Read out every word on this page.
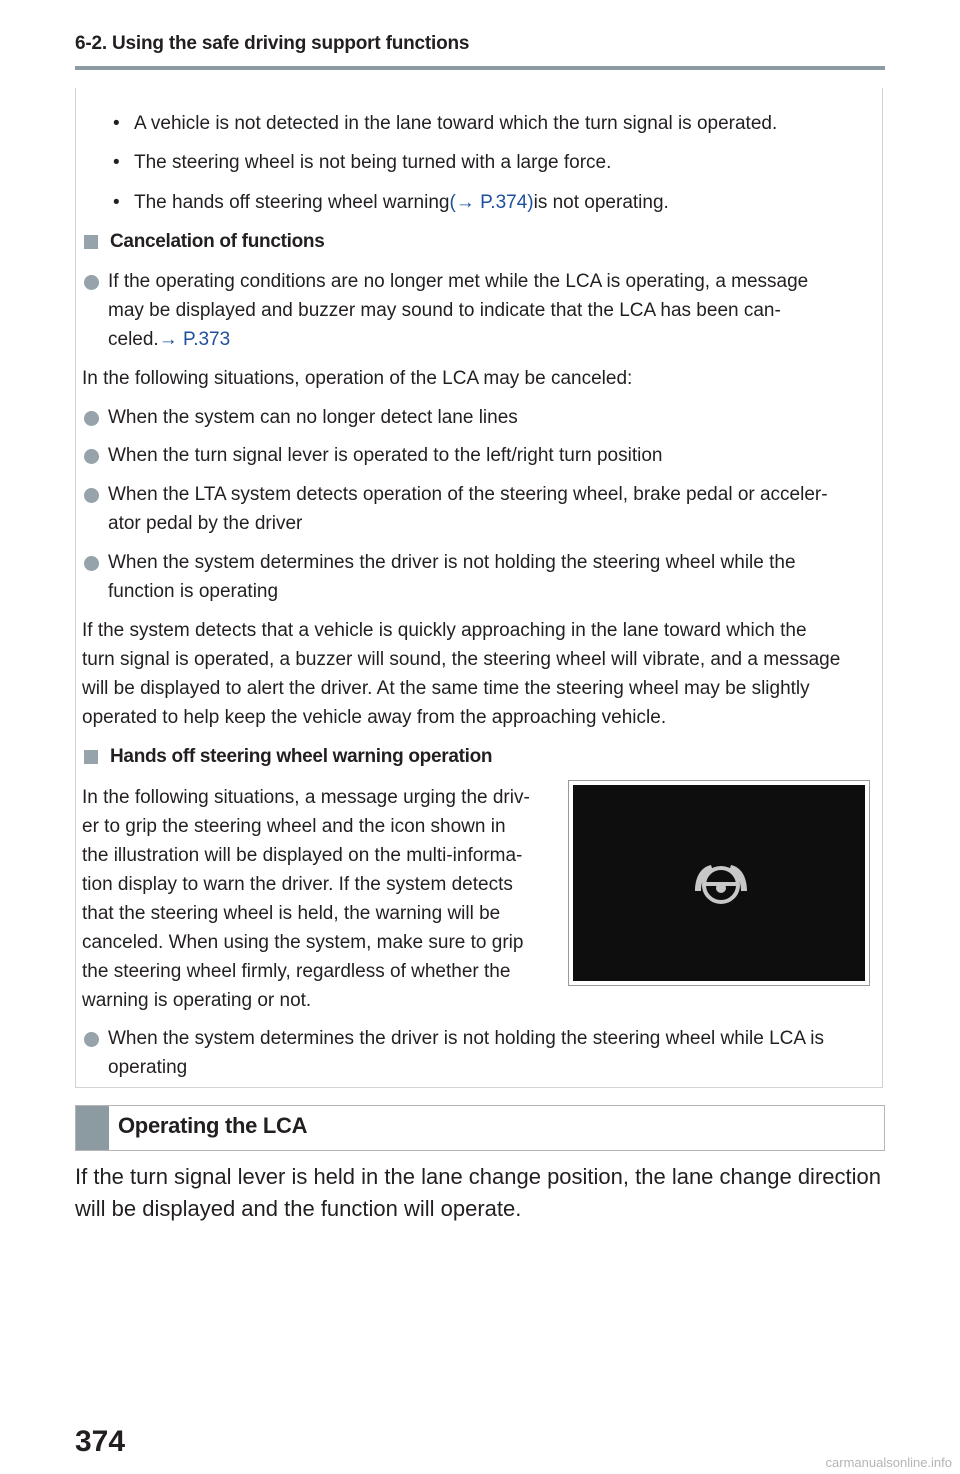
6-2. Using the safe driving support functions
• A vehicle is not detected in the lane toward which the turn signal is operated.
• The steering wheel is not being turned with a large force.
• The hands off steering wheel warning(→ P.374)is not operating.
Cancelation of functions
If the operating conditions are no longer met while the LCA is operating, a message
may be displayed and buzzer may sound to indicate that the LCA has been can-
celed.→ P.373
In the following situations, operation of the LCA may be canceled:
When the system can no longer detect lane lines
When the turn signal lever is operated to the left/right turn position
When the LTA system detects operation of the steering wheel, brake pedal or acceler-
ator pedal by the driver
When the system determines the driver is not holding the steering wheel while the
function is operating
If the system detects that a vehicle is quickly approaching in the lane toward which the
turn signal is operated, a buzzer will sound, the steering wheel will vibrate, and a message
will be displayed to alert the driver. At the same time the steering wheel may be slightly
operated to help keep the vehicle away from the approaching vehicle.
Hands off steering wheel warning operation
In the following situations, a message urging the driv-
er to grip the steering wheel and the icon shown in
the illustration will be displayed on the multi-informa-
tion display to warn the driver. If the system detects
that the steering wheel is held, the warning will be
canceled. When using the system, make sure to grip
the steering wheel firmly, regardless of whether the
warning is operating or not.
When the system determines the driver is not holding the steering wheel while LCA is
operating
Operating the LCA
If the turn signal lever is held in the lane change position, the lane change direction
will be displayed and the function will operate.
374
carmanualsonline.info
